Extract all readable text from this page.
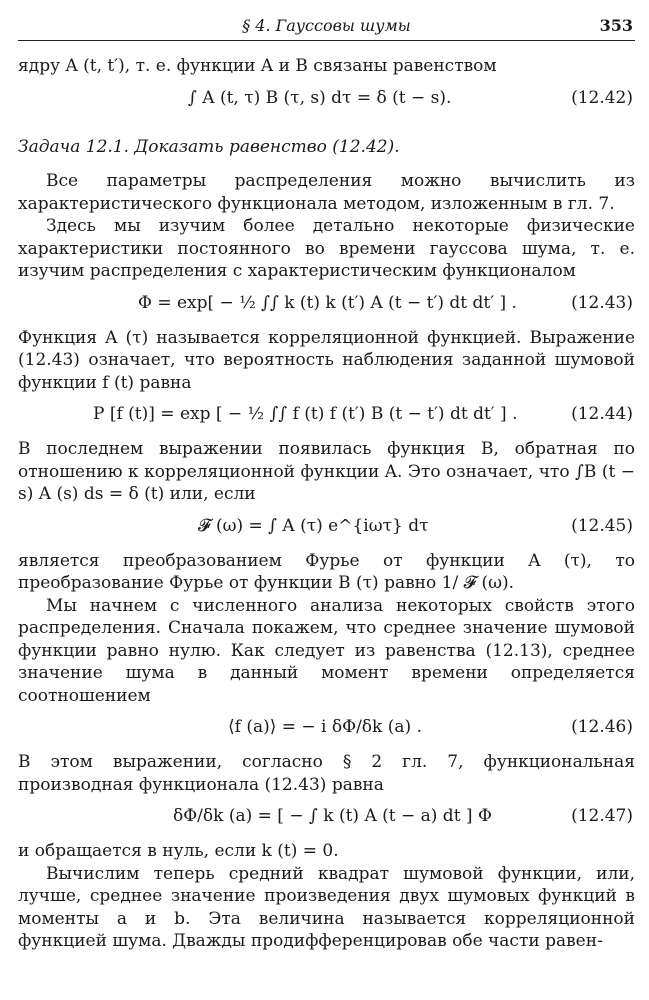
§ 4. Гауссовы шумы	353

ядру A (t, t′), т. е. функции A и B связаны равенством

∫ A (t, τ) B (τ, s) dτ = δ (t − s).	(12.42)

Задача 12.1. Доказать равенство (12.42).

Все параметры распределения можно вычислить из характеристического функционала методом, изложенным в гл. 7.

Здесь мы изучим более детально некоторые физические характеристики постоянного во времени гауссова шума, т. е. изучим распределения с характеристическим функционалом

Φ = exp[ − ½ ∫∫ k (t) k (t′) A (t − t′) dt dt′ ] .	(12.43)

Функция A (τ) называется корреляционной функцией. Выражение (12.43) означает, что вероятность наблюдения заданной шумовой функции f (t) равна

P [f (t)] = exp [ − ½ ∫∫ f (t) f (t′) B (t − t′) dt dt′ ] .	(12.44)

В последнем выражении появилась функция B, обратная по отношению к корреляционной функции A. Это означает, что ∫B (t − s) A (s) ds = δ (t) или, если

𝓕 (ω) = ∫ A (τ) e^{iωτ} dτ	(12.45)

является преобразованием Фурье от функции A (τ), то преобразование Фурье от функции B (τ) равно 1/ 𝓕 (ω).

Мы начнем с численного анализа некоторых свойств этого распределения. Сначала покажем, что среднее значение шумовой функции равно нулю. Как следует из равенства (12.13), среднее значение шума в данный момент времени определяется соотношением

⟨f (a)⟩ = − i δΦ/δk (a) .	(12.46)

В этом выражении, согласно § 2 гл. 7, функциональная производная функционала (12.43) равна

δΦ/δk (a) = [ − ∫ k (t) A (t − a) dt ] Φ	(12.47)

и обращается в нуль, если k (t) = 0.

Вычислим теперь средний квадрат шумовой функции, или, лучше, среднее значение произведения двух шумовых функций в моменты a и b. Эта величина называется корреляционной функцией шума. Дважды продифференцировав обе части равен-
